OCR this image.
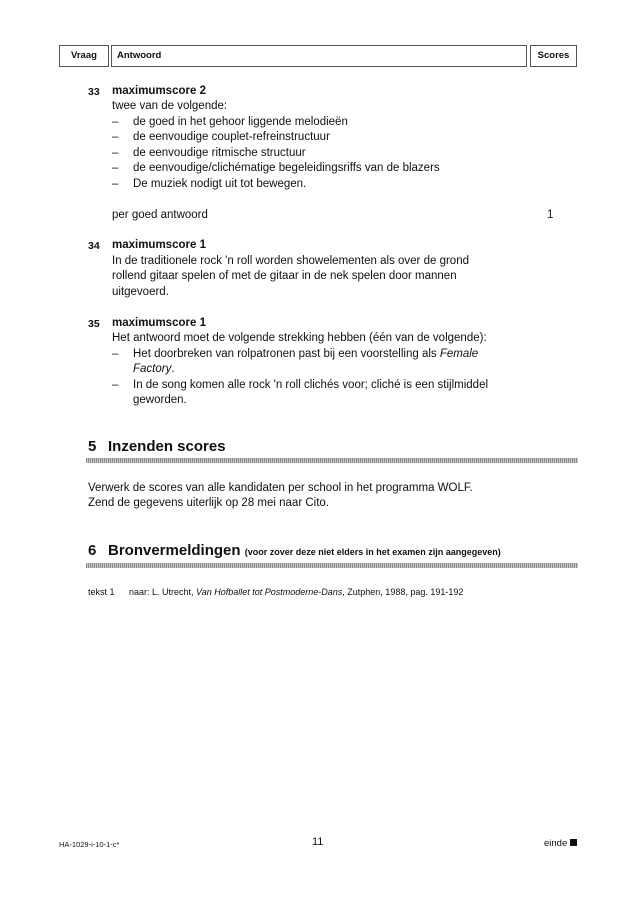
Vraag	Antwoord	Scores
33 maximumscore 2
twee van de volgende:
– de goed in het gehoor liggende melodieën
– de eenvoudige couplet-refreinstructuur
– de eenvoudige ritmische structuur
– de eenvoudige/clichématige begeleidingsriffs van de blazers
– De muziek nodigt uit tot bewegen.
per goed antwoord	1
34 maximumscore 1
In de traditionele rock 'n roll worden showelementen als over de grond
rollend gitaar spelen of met de gitaar in de nek spelen door mannen
uitgevoerd.
35 maximumscore 1
Het antwoord moet de volgende strekking hebben (één van de volgende):
– Het doorbreken van rolpatronen past bij een voorstelling als Female
Factory.
– In de song komen alle rock 'n roll clichés voor; cliché is een stijlmiddel
geworden.
5 Inzenden scores
Verwerk de scores van alle kandidaten per school in het programma WOLF.
Zend de gegevens uiterlijk op 28 mei naar Cito.
6 Bronvermeldingen (voor zover deze niet elders in het examen zijn aangegeven)
tekst 1 naar: L. Utrecht, Van Hofballet tot Postmoderne-Dans, Zutphen, 1988, pag. 191-192
HA-1029-i-10-1-c*	11	einde
